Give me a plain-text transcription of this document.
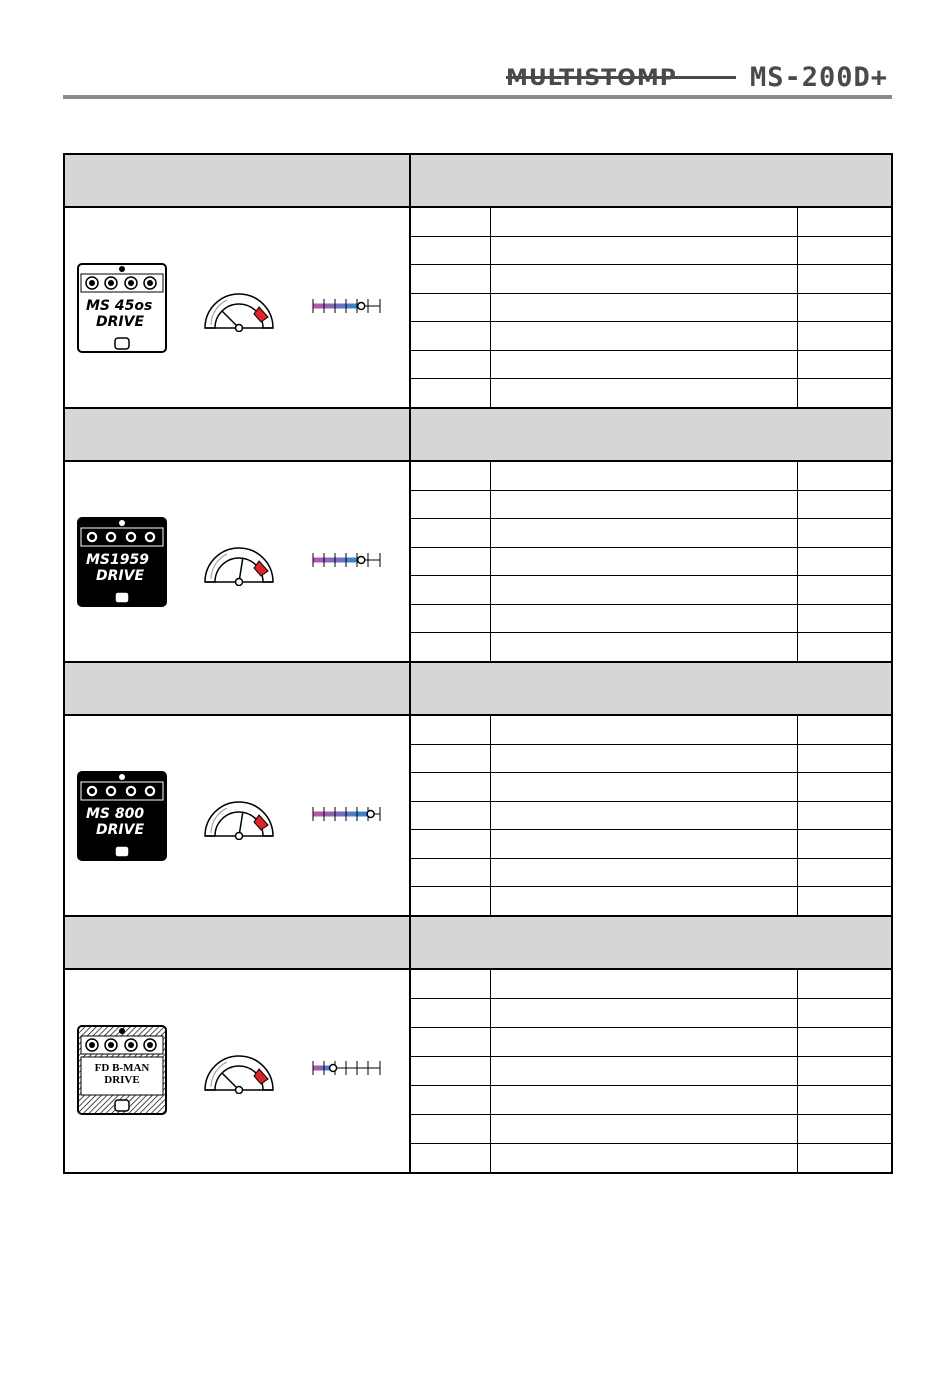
MULTISTOMP	MS-200D+
MS 45os
DRIVE
MS1959
DRIVE
MS 800
DRIVE
FD B-MAN
DRIVE
